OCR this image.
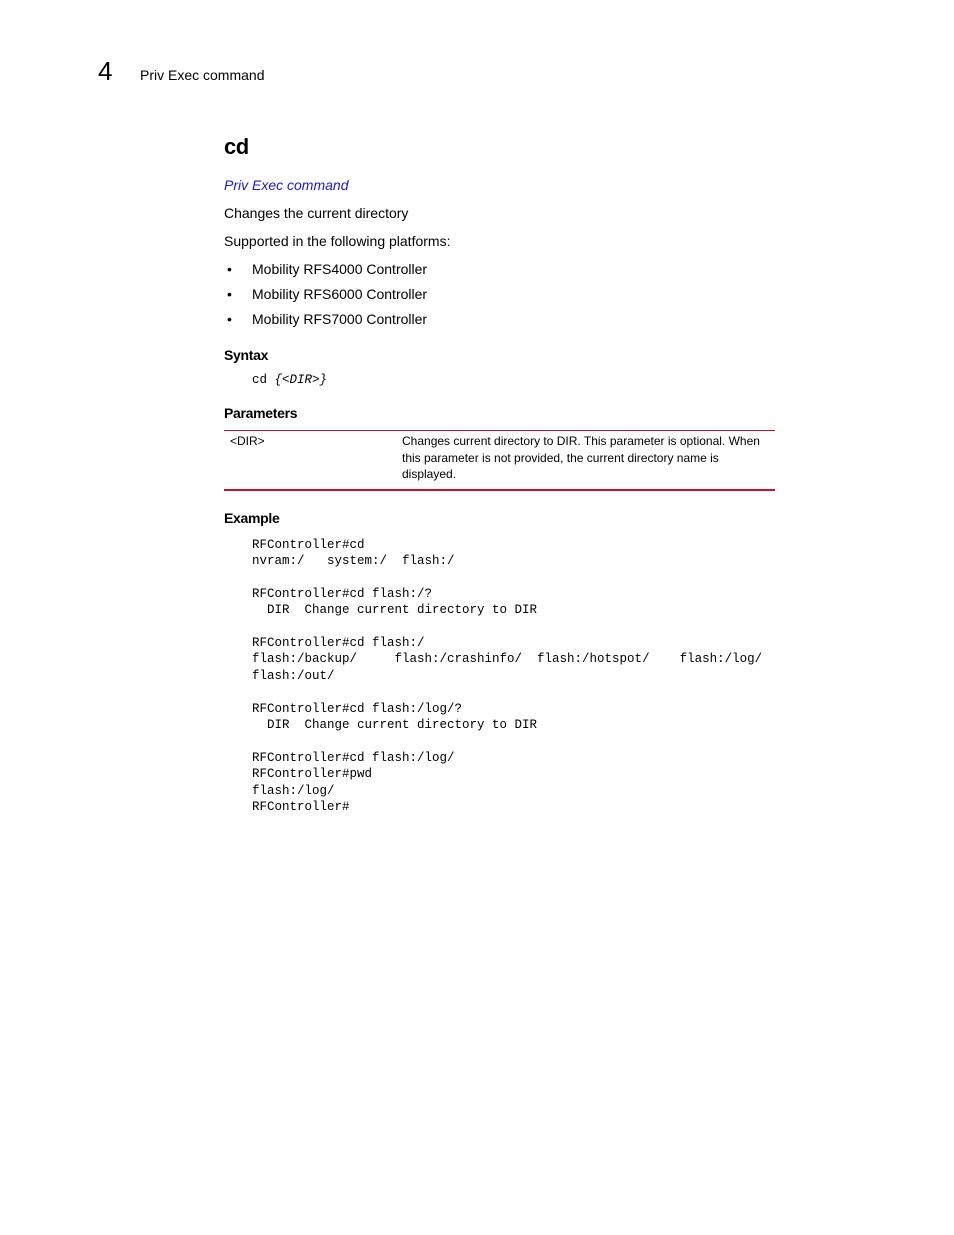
4 Priv Exec command
cd
Priv Exec command

Changes the current directory

Supported in the following platforms:

• Mobility RFS4000 Controller
• Mobility RFS6000 Controller
• Mobility RFS7000 Controller
Syntax
cd {<DIR>}
Parameters
<DIR>	Changes current directory to DIR. This parameter is optional. When this parameter is not provided, the current directory name is displayed.
Example
RFController#cd
nvram:/   system:/  flash:/

RFController#cd flash:/?
DIR  Change current directory to DIR

RFController#cd flash:/
flash:/backup/     flash:/crashinfo/  flash:/hotspot/    flash:/log/
flash:/out/

RFController#cd flash:/log/?
DIR  Change current directory to DIR

RFController#cd flash:/log/
RFController#pwd
flash:/log/
RFController#
